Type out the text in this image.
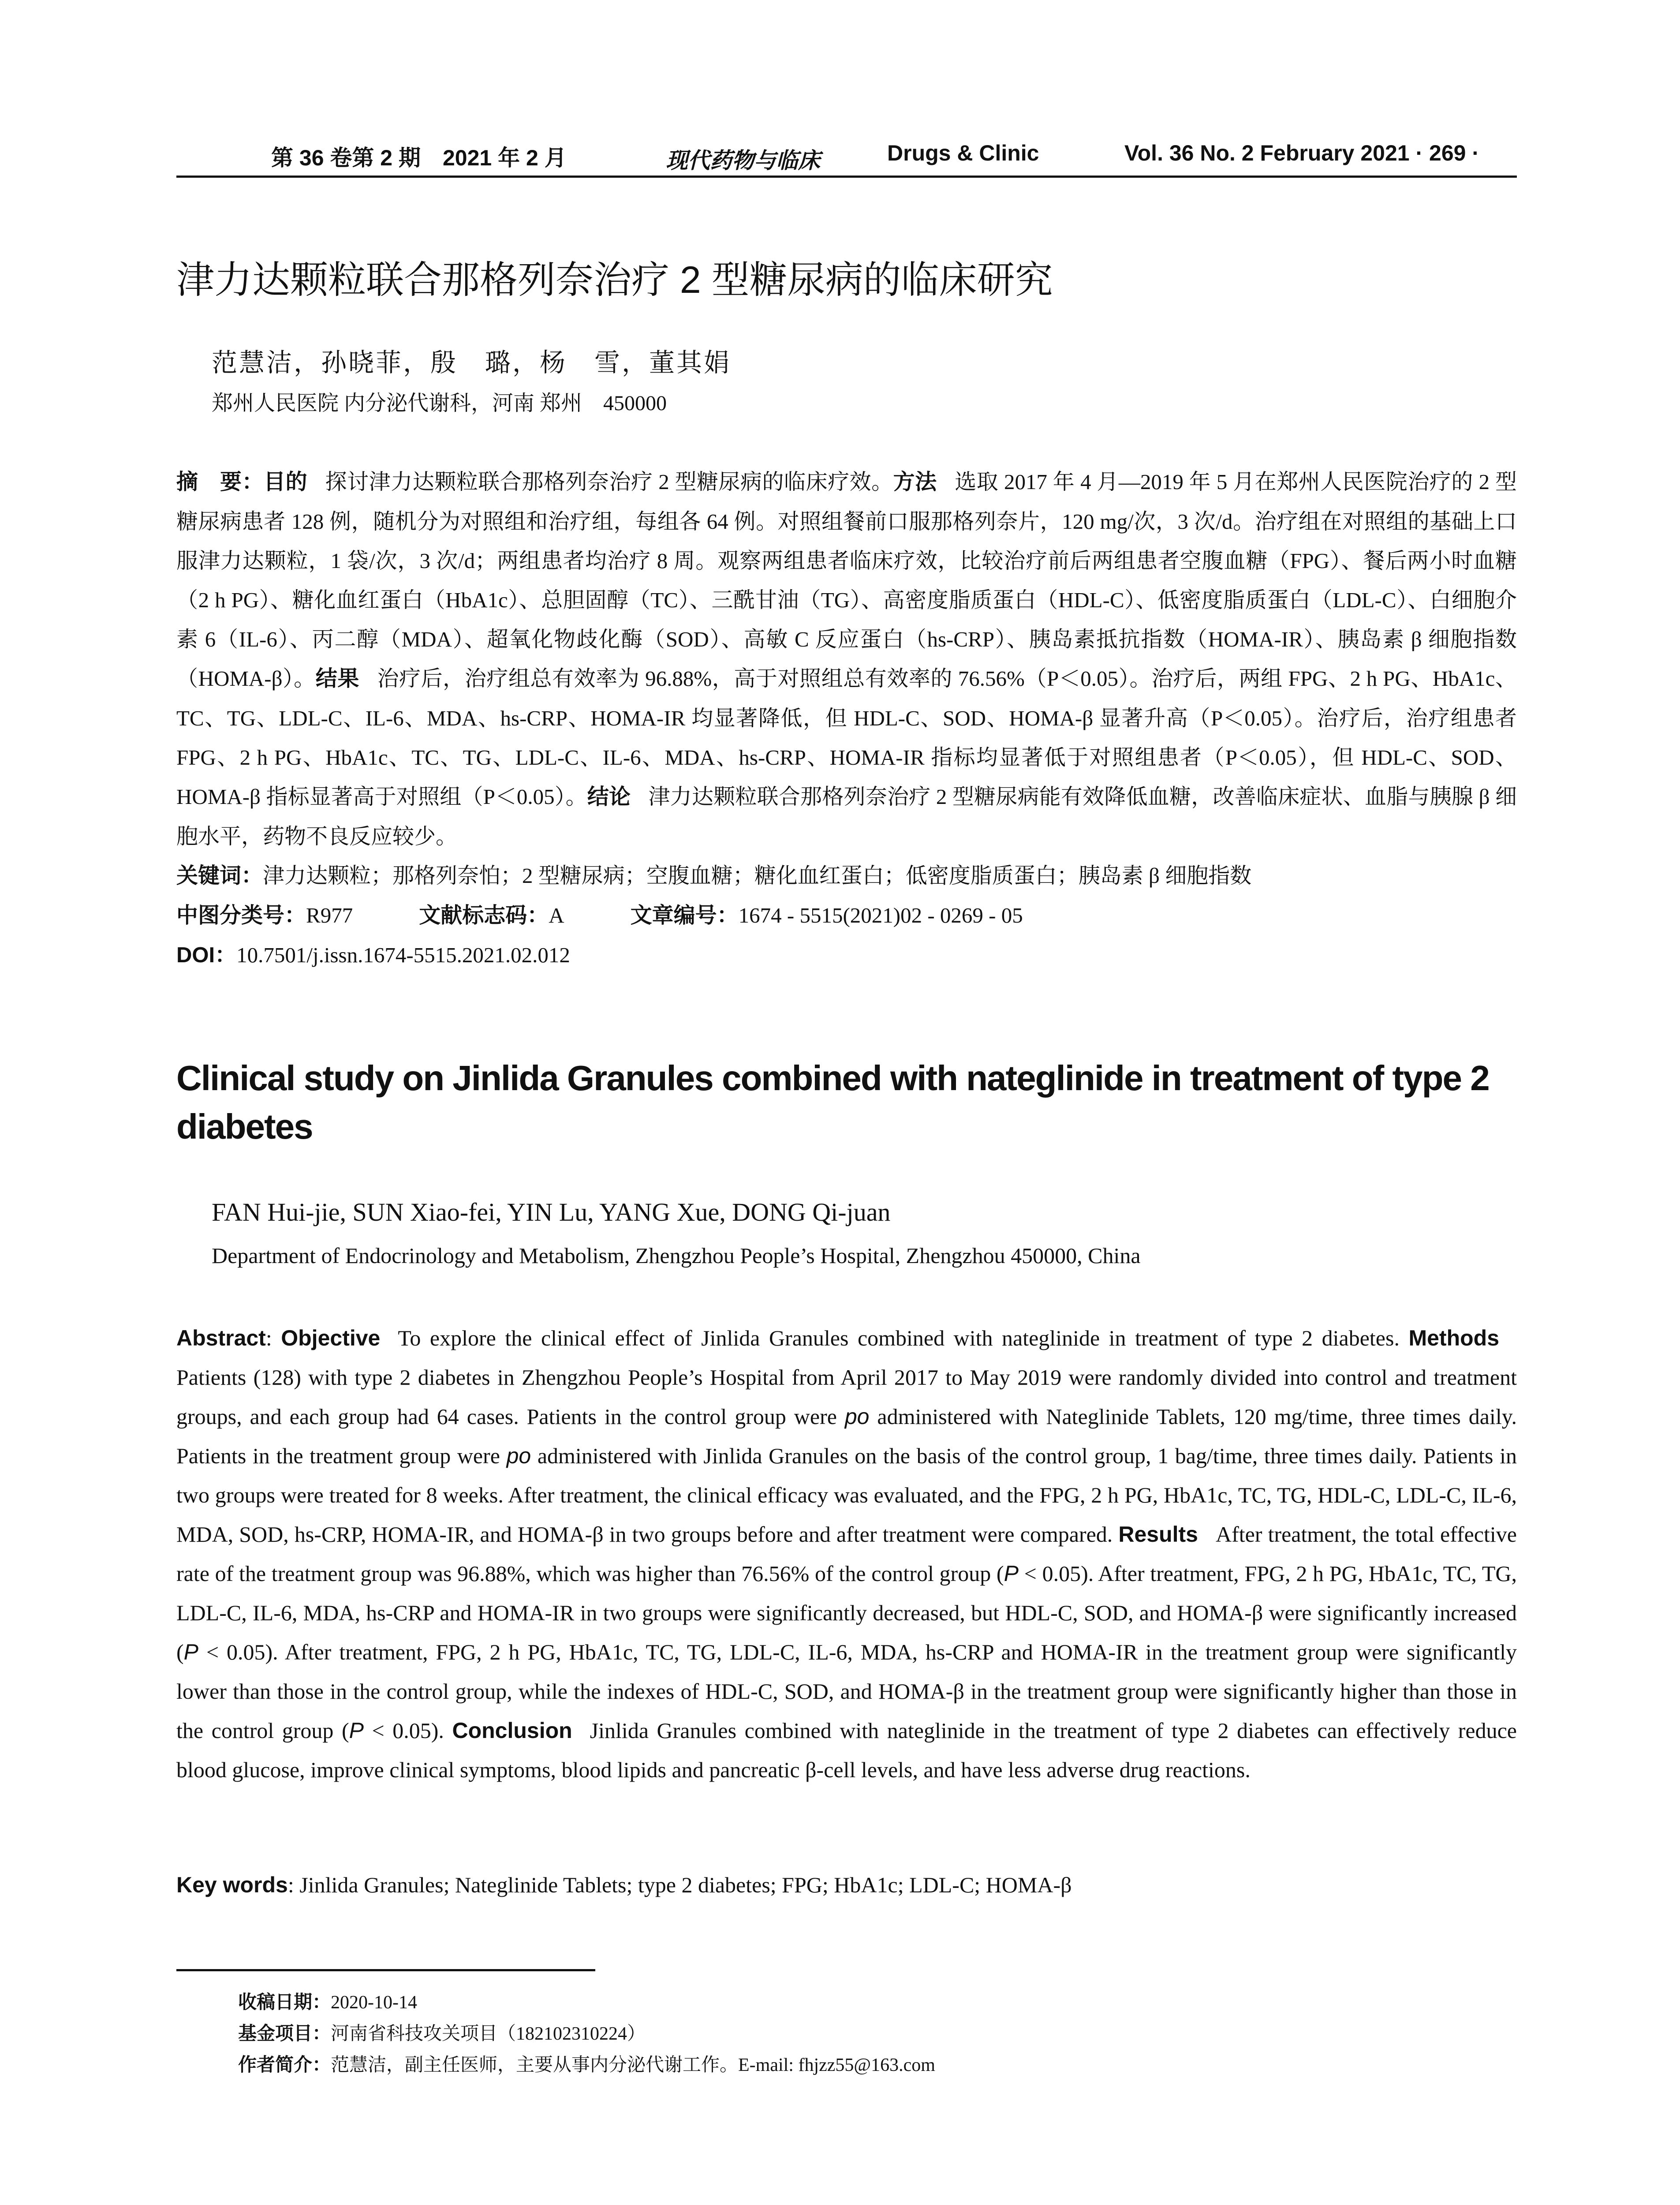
第 36 卷第 2 期　2021 年 2 月	现代药物与临床	Drugs & Clinic	Vol. 36 No. 2 February 2021 · 269 ·
津力达颗粒联合那格列奈治疗 2 型糖尿病的临床研究
范慧洁，孙晓菲，殷　璐，杨　雪，董其娟
郑州人民医院 内分泌代谢科，河南 郑州　450000
摘　要：目的 探讨津力达颗粒联合那格列奈治疗 2 型糖尿病的临床疗效。方法 选取 2017 年 4 月—2019 年 5 月在郑州人民医院治疗的 2 型糖尿病患者 128 例，随机分为对照组和治疗组，每组各 64 例。对照组餐前口服那格列奈片，120 mg/次，3 次/d。治疗组在对照组的基础上口服津力达颗粒，1 袋/次，3 次/d；两组患者均治疗 8 周。观察两组患者临床疗效，比较治疗前后两组患者空腹血糖（FPG）、餐后两小时血糖（2 h PG）、糖化血红蛋白（HbA1c）、总胆固醇（TC）、三酰甘油（TG）、高密度脂质蛋白（HDL-C）、低密度脂质蛋白（LDL-C）、白细胞介素 6（IL-6）、丙二醇（MDA）、超氧化物歧化酶（SOD）、高敏 C 反应蛋白（hs-CRP）、胰岛素抵抗指数（HOMA-IR）、胰岛素 β 细胞指数（HOMA-β）。结果 治疗后，治疗组总有效率为 96.88%，高于对照组总有效率的 76.56%（P＜0.05）。治疗后，两组 FPG、2 h PG、HbA1c、TC、TG、LDL-C、IL-6、MDA、hs-CRP、HOMA-IR 均显著降低，但 HDL-C、SOD、HOMA-β 显著升高（P＜0.05）。治疗后，治疗组患者 FPG、2 h PG、HbA1c、TC、TG、LDL-C、IL-6、MDA、hs-CRP、HOMA-IR 指标均显著低于对照组患者（P＜0.05），但 HDL-C、SOD、HOMA-β 指标显著高于对照组（P＜0.05）。结论 津力达颗粒联合那格列奈治疗 2 型糖尿病能有效降低血糖，改善临床症状、血脂与胰腺 β 细胞水平，药物不良反应较少。
关键词：津力达颗粒；那格列奈怕；2 型糖尿病；空腹血糖；糖化血红蛋白；低密度脂质蛋白；胰岛素 β 细胞指数
中图分类号：R977	文献标志码：A	文章编号：1674 - 5515(2021)02 - 0269 - 05
DOI：10.7501/j.issn.1674-5515.2021.02.012
Clinical study on Jinlida Granules combined with nateglinide in treatment of type 2 diabetes
FAN Hui-jie, SUN Xiao-fei, YIN Lu, YANG Xue, DONG Qi-juan
Department of Endocrinology and Metabolism, Zhengzhou People’s Hospital, Zhengzhou 450000, China
Abstract: Objective To explore the clinical effect of Jinlida Granules combined with nateglinide in treatment of type 2 diabetes. MethodsPatients (128) with type 2 diabetes in Zhengzhou People’s Hospital from April 2017 to May 2019 were randomly divided into control and treatment groups, and each group had 64 cases. Patients in the control group were po administered with Nateglinide Tablets, 120 mg/time, three times daily. Patients in the treatment group were po administered with Jinlida Granules on the basis of the control group, 1 bag/time, three times daily. Patients in two groups were treated for 8 weeks. After treatment, the clinical efficacy was evaluated, and the FPG, 2 h PG, HbA1c, TC, TG, HDL-C, LDL-C, IL-6, MDA, SOD, hs-CRP, HOMA-IR, and HOMA-β in two groups before and after treatment were compared. Results After treatment, the total effective rate of the treatment group was 96.88%, which was higher than 76.56% of the control group (P < 0.05). After treatment, FPG, 2 h PG, HbA1c, TC, TG, LDL-C, IL-6, MDA, hs-CRP and HOMA-IR in two groups were significantly decreased, but HDL-C, SOD, and HOMA-β were significantly increased (P < 0.05). After treatment, FPG, 2 h PG, HbA1c, TC, TG, LDL-C, IL-6, MDA, hs-CRP and HOMA-IR in the treatment group were significantly lower than those in the control group, while the indexes of HDL-C, SOD, and HOMA-β in the treatment group were significantly higher than those in the control group (P < 0.05). Conclusion Jinlida Granules combined with nateglinide in the treatment of type 2 diabetes can effectively reduce blood glucose, improve clinical symptoms, blood lipids and pancreatic β-cell levels, and have less adverse drug reactions.
Key words: Jinlida Granules; Nateglinide Tablets; type 2 diabetes; FPG; HbA1c; LDL-C; HOMA-β
收稿日期：2020-10-14
基金项目：河南省科技攻关项目（182102310224）
作者简介：范慧洁，副主任医师，主要从事内分泌代谢工作。E-mail: fhjzz55@163.com
